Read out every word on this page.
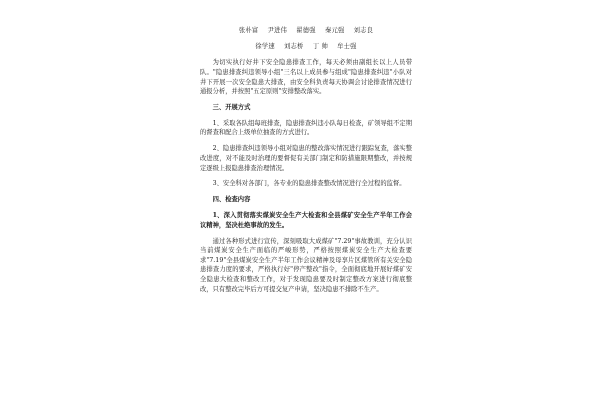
张朴富 尹进伟 翟德强 秦元强 刘志良
徐学速 刘志桥 丁 帅 牟士强

为切实执行好井下安全隐患排查工作，每天必须由副组长以上人员带队。"隐患排查纠违领导小组"三名以上成员参与组成"隐患排查纠违"小队对井下开展一次安全隐患大排查，由安全科负责每天协调会讨论排查情况进行通报分析，并按照"五定原则"安排整改落实。

三、开展方式

1、采取各队组每班排查，隐患排查纠违小队每日检查，矿领导组不定期的督查和配合上级单位抽查的方式进行。

2、隐患排查纠违领导小组对隐患的整改落实情况进行跟踪复查，落实整改进度，对不能及时治理的要督促有关部门制定和防措施限期整改，并按规定逐级上报隐患排查治理情况。

3、安全科对各部门，各专业的隐患排查整改情况进行全过程的监督。

四、检查内容

1、深入贯彻落实煤炭安全生产大检查和全县煤矿安全生产半年工作会议精神，坚决杜绝事故的发生。

通过各种形式进行宣传，深刻吸取大成煤矿"7.29"事故教训，充分认识当前煤炭安全生产面临的严峻形势，严格按照煤炭安全生产大检查要求"7.19"全县煤炭安全生产半年工作会议精神及母享片区煤管所有关安全隐患排查力度的要求，严格执行好"停产整改"指令，全面彻底地开展好煤矿安全隐患大检查和整改工作，对于发现隐患要及时制定整改方案进行彻底整改，只有整改完毕后方可提交复产申请，坚决隐患不排除不生产。
